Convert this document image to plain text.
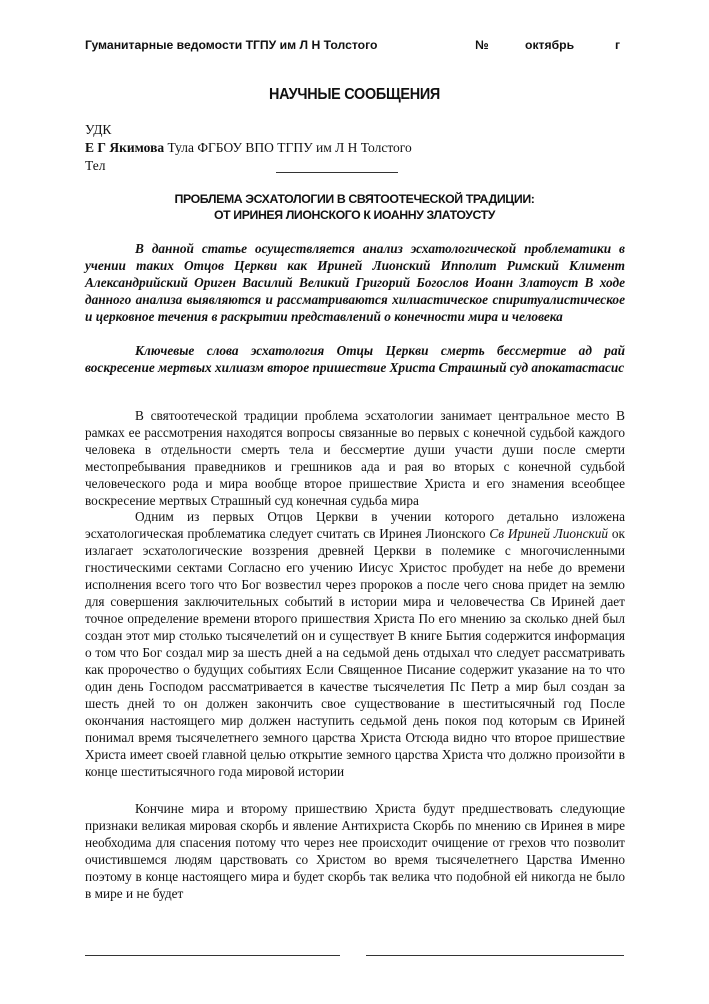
Гуманитарные ведомости ТГПУ им Л Н Толстого	№	октябрь	г
НАУЧНЫЕ СООБЩЕНИЯ
УДК
Е Г Якимова Тула ФГБОУ ВПО ТГПУ им Л Н Толстого
Тел
ПРОБЛЕМА ЭСХАТОЛОГИИ В СВЯТООТЕЧЕСКОЙ ТРАДИЦИИ:
ОТ ИРИНЕЯ ЛИОНСКОГО К ИОАННУ ЗЛАТОУСТУ

В данной статье осуществляется анализ эсхатологической проблематики в учении таких Отцов Церкви как Ириней Лионский Ипполит Римский Климент Александрийский Ориген Василий Великий Григорий Богослов Иоанн Златоуст В ходе данного анализа выявляются и рассматриваются хилиастическое спиритуалистическое и церковное течения в раскрытии представлений о конечности мира и человека

Ключевые слова эсхатология Отцы Церкви смерть бессмертие ад рай воскресение мертвых хилиазм второе пришествие Христа Страшный суд апокатастасис

В святоотеческой традиции проблема эсхатологии занимает центральное место В рамках ее рассмотрения находятся вопросы связанные во первых с конечной судьбой каждого человека в отдельности смерть тела и бессмертие души участи души после смерти местопребывания праведников и грешников ада и рая во вторых с конечной судьбой человеческого рода и мира вообще второе пришествие Христа и его знамения всеобщее воскресение мертвых Страшный суд конечная судьба мира

Одним из первых Отцов Церкви в учении которого детально изложена эсхатологическая проблематика следует считать св Иринея Лионского Св Ириней Лионский ок излагает эсхатологические воззрения древней Церкви в полемике с многочисленными гностическими сектами Согласно его учению Иисус Христос пробудет на небе до времени исполнения всего того что Бог возвестил через пророков а после чего снова придет на землю для совершения заключительных событий в истории мира и человечества Св Ириней дает точное определение времени второго пришествия Христа По его мнению за сколько дней был создан этот мир столько тысячелетий он и существует В книге Бытия содержится информация о том что Бог создал мир за шесть дней а на седьмой день отдыхал что следует рассматривать как пророчество о будущих событиях Если Священное Писание содержит указание на то что один день Господом рассматривается в качестве тысячелетия Пс Петр а мир был создан за шесть дней то он должен закончить свое существование в шеститысячный год После окончания настоящего мир должен наступить седьмой день покоя под которым св Ириней понимал время тысячелетнего земного царства Христа Отсюда видно что второе пришествие Христа имеет своей главной целью открытие земного царства Христа что должно произойти в конце шеститысячного года мировой истории

Кончине мира и второму пришествию Христа будут предшествовать следующие признаки великая мировая скорбь и явление Антихриста Скорбь по мнению св Иринея в мире необходима для спасения потому что через нее происходит очищение от грехов что позволит очистившемся людям царствовать со Христом во время тысячелетнего Царства Именно поэтому в конце настоящего мира и будет скорбь так велика что подобной ей никогда не было в мире и не будет
